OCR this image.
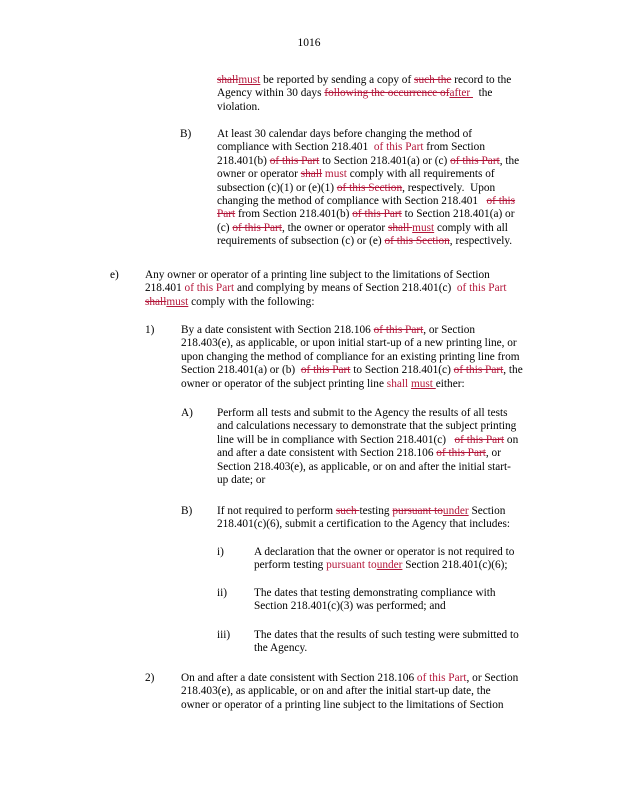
1016
shallmust be reported by sending a copy of such the record to the
Agency within 30 days following the occurrence ofafter   the
violation.
B) At least 30 calendar days before changing the method of
compliance with Section 218.401  of this Part from Section
218.401(b) of this Part to Section 218.401(a) or (c) of this Part, the
owner or operator shall must comply with all requirements of
subsection (c)(1) or (e)(1) of this Section, respectively.  Upon
changing the method of compliance with Section 218.401   of this
Part from Section 218.401(b) of this Part to Section 218.401(a) or
(c) of this Part, the owner or operator shall must comply with all
requirements of subsection (c) or (e) of this Section, respectively.
e) Any owner or operator of a printing line subject to the limitations of Section
218.401 of this Part and complying by means of Section 218.401(c)  of this Part
shallmust comply with the following:
1) By a date consistent with Section 218.106 of this Part, or Section
218.403(e), as applicable, or upon initial start-up of a new printing line, or
upon changing the method of compliance for an existing printing line from
Section 218.401(a) or (b)  of this Part to Section 218.401(c) of this Part, the
owner or operator of the subject printing line shall must either:
A) Perform all tests and submit to the Agency the results of all tests
and calculations necessary to demonstrate that the subject printing
line will be in compliance with Section 218.401(c)   of this Part on
and after a date consistent with Section 218.106 of this Part, or
Section 218.403(e), as applicable, or on and after the initial start-
up date; or
B) If not required to perform such testing pursuant tounder Section
218.401(c)(6), submit a certification to the Agency that includes:
i)	A declaration that the owner or operator is not required to
perform testing pursuant tounder Section 218.401(c)(6);
ii) The dates that testing demonstrating compliance with
Section 218.401(c)(3) was performed; and
iii) The dates that the results of such testing were submitted to
the Agency.
2) On and after a date consistent with Section 218.106 of this Part, or Section
218.403(e), as applicable, or on and after the initial start-up date, the
owner or operator of a printing line subject to the limitations of Section
